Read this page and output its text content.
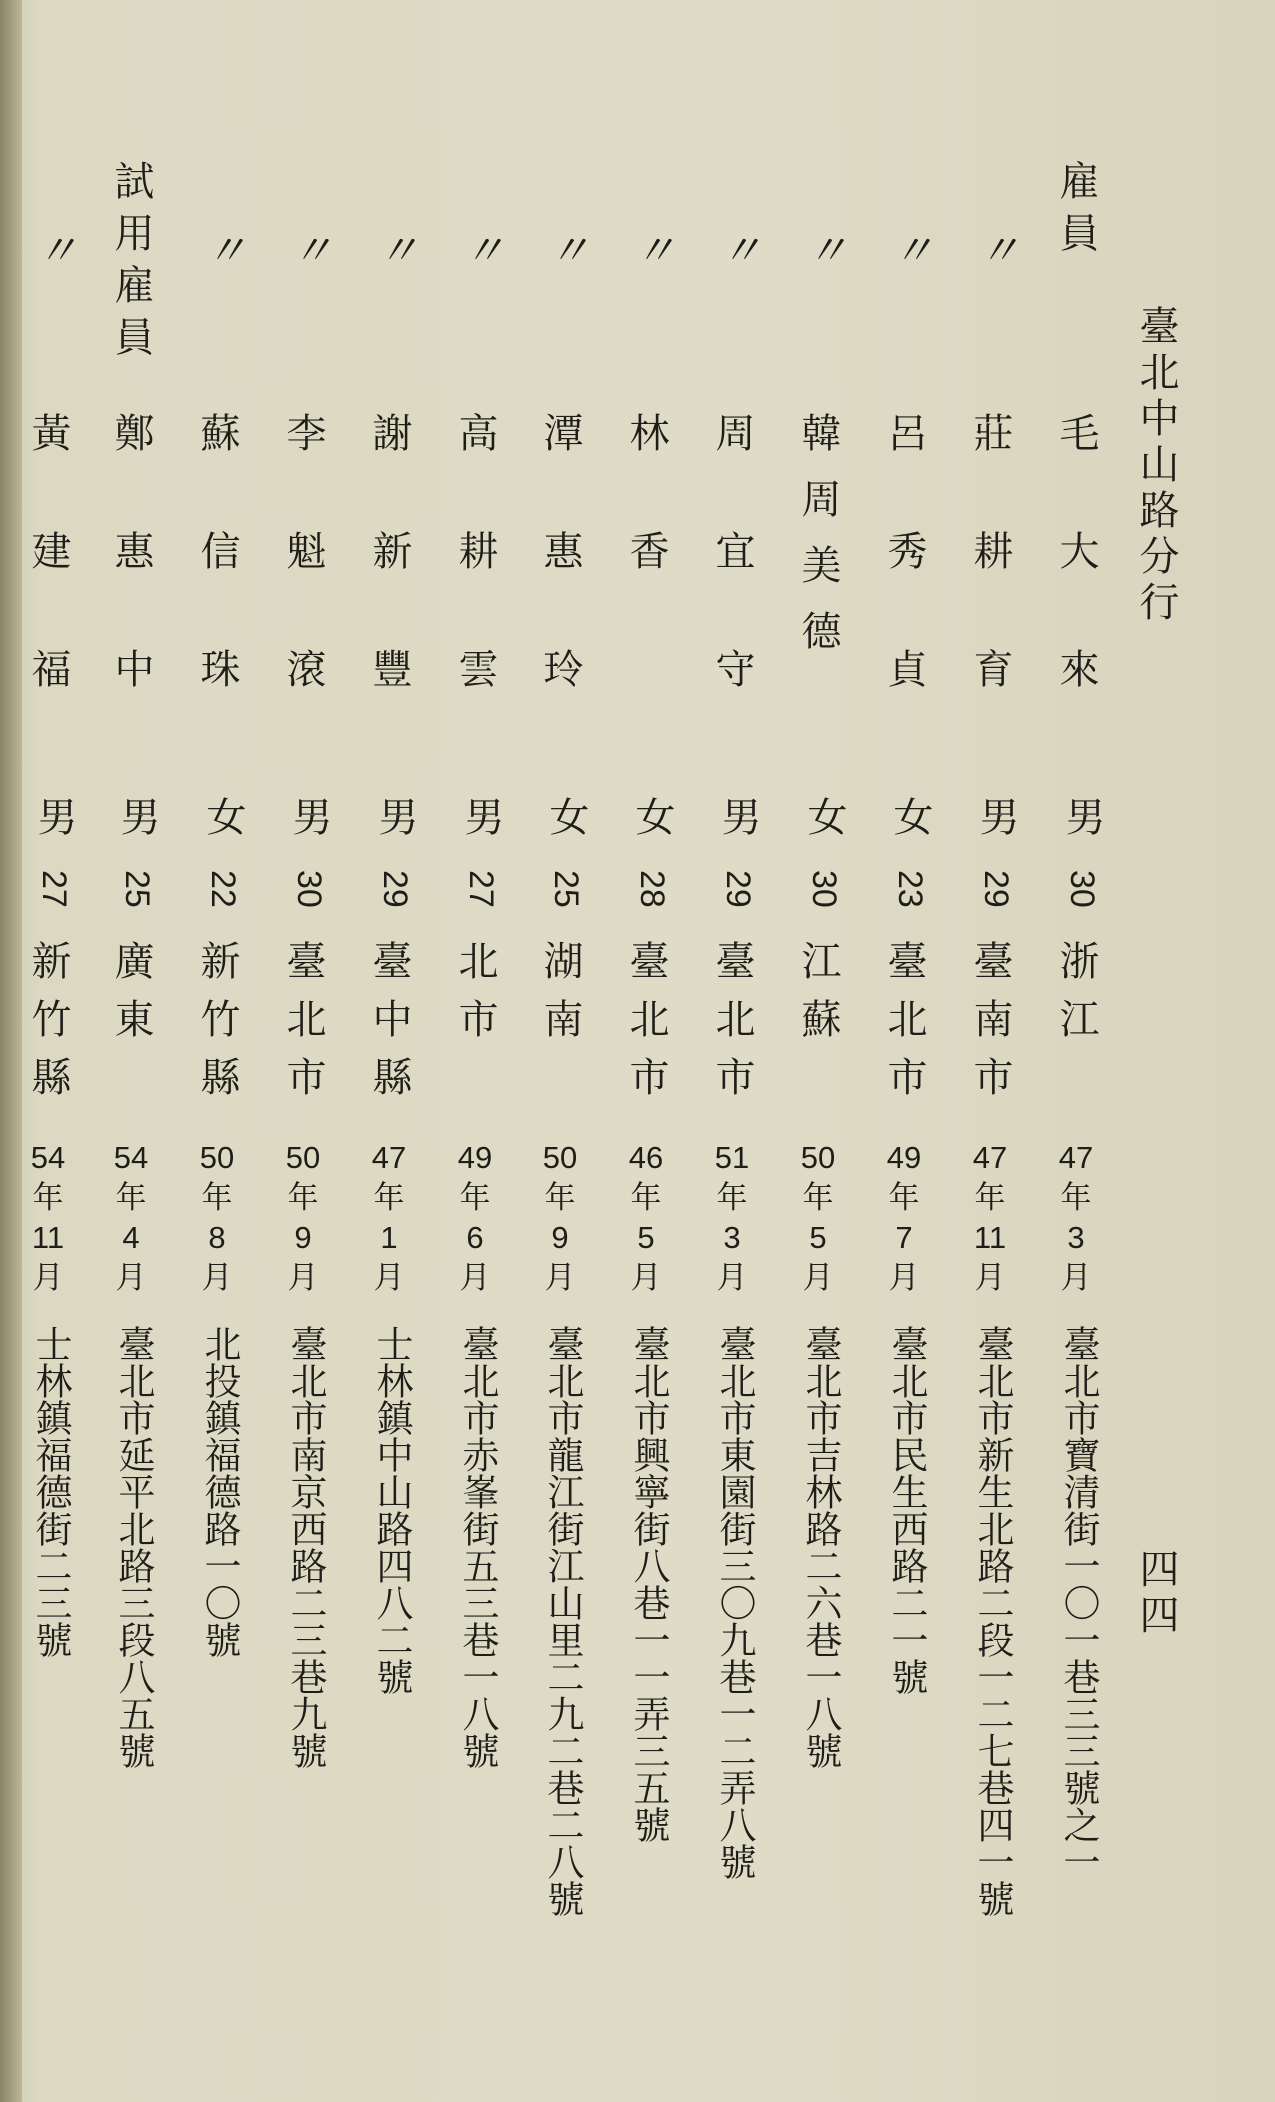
臺北中山路分行
四四
雇員
毛大來
男
30
浙江
47
年
3
月
臺北市寶清街一〇一巷三三號之一
〃
莊耕育
男
29
臺南市
47
年
11
月
臺北市新生北路二段一二七巷四一號
〃
呂秀貞
女
23
臺北市
49
年
7
月
臺北市民生西路二一號
〃
韓周美德
女
30
江蘇
50
年
5
月
臺北市吉林路二六巷一八號
〃
周宜守
男
29
臺北市
51
年
3
月
臺北市東園街三〇九巷一二弄八號
〃
林香
女
28
臺北市
46
年
5
月
臺北市興寧街八巷一一弄三五號
〃
潭惠玲
女
25
湖南
50
年
9
月
臺北市龍江街江山里二九二巷二八號
〃
高耕雲
男
27
北市
49
年
6
月
臺北市赤峯街五三巷一八號
〃
謝新豐
男
29
臺中縣
47
年
1
月
士林鎮中山路四八二號
〃
李魁滾
男
30
臺北市
50
年
9
月
臺北市南京西路二三巷九號
〃
蘇信珠
女
22
新竹縣
50
年
8
月
北投鎮福德路一〇號
試用雇員
鄭惠中
男
25
廣東
54
年
4
月
臺北市延平北路三段八五號
〃
黃建福
男
27
新竹縣
54
年
11
月
士林鎮福德街二三號
